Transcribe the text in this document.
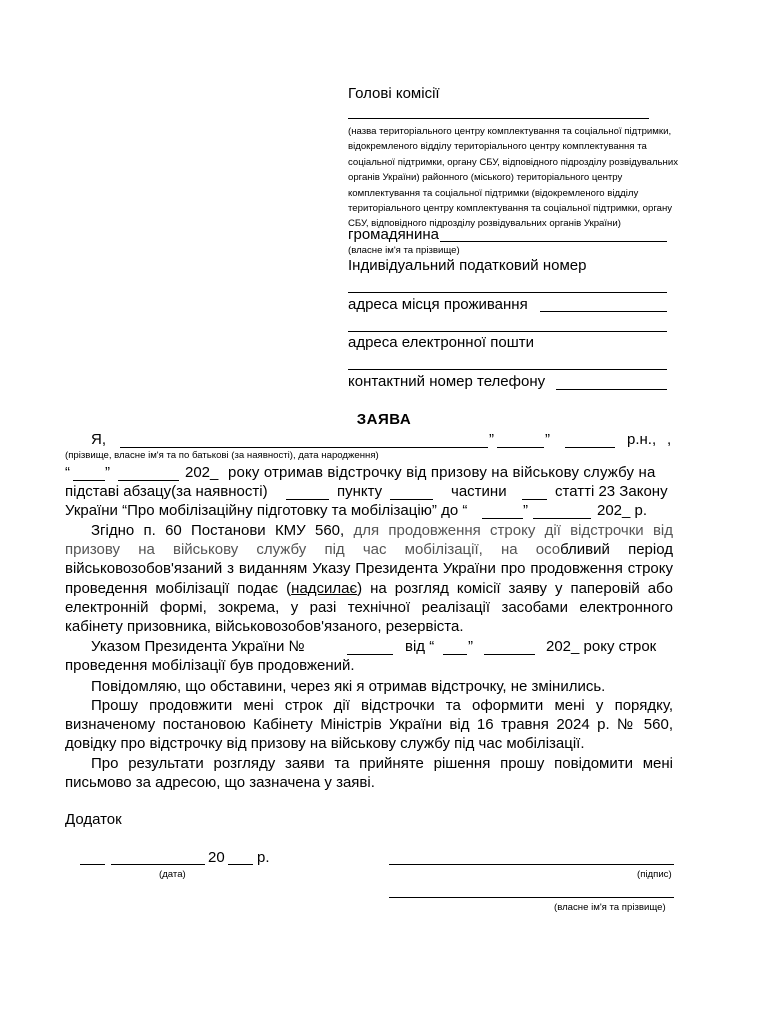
Голові комісії
(назва територіального центру комплектування та соціальної підтримки, відокремленого відділу територіального центру комплектування та соціальної підтримки, органу СБУ, відповідного підрозділу розвідувальних органів України) районного (міського) територіального центру комплектування та соціальної підтримки (відокремленого відділу територіального центру комплектування та соціальної підтримки, органу СБУ, відповідного підрозділу розвідувальних органів України)
громадянина
(власне ім'я та прізвище)
Індивідуальний податковий номер
адреса місця проживання
адреса електронної пошти
контактний номер телефону
ЗАЯВА
Я,	”	”	р.н., ,
(прізвище, власне ім'я та по батькові (за наявності), дата народження)
“ ”	202_ року отримав відстрочку від призову на військову службу на
підставі абзацу(за наявності)	пункту	частини	статті 23 Закону
України “Про мобілізаційну підготовку та мобілізацію” до “	”	202_ р.

Згідно п. 60 Постанови КМУ 560, для продовження строку дії відстрочки від призову на військову службу під час мобілізації, на особливий період військовозобов'язаний з виданням Указу Президента України про продовження строку проведення мобілізації подає (надсилає) на розгляд комісії заяву у паперовій або електронній формі, зокрема, у разі технічної реалізації засобами електронного кабінету призовника, військовозобов'язаного, резервіста.

Указом Президента України №	від “ ”	202_ року строк
проведення мобілізації був продовжений.

Повідомляю, що обставини, через які я отримав відстрочку, не змінились.

Прошу продовжити мені строк дії відстрочки та оформити мені у порядку, визначеному постановою Кабінету Міністрів України від 16 травня 2024 р. № 560, довідку про відстрочку від призову на військову службу під час мобілізації.

Про результати розгляду заяви та прийняте рішення прошу повідомити мені письмово за адресою, що зазначена у заяві.

Додаток
20 р.
(дата)	(підпис)
(власне ім'я та прізвище)
